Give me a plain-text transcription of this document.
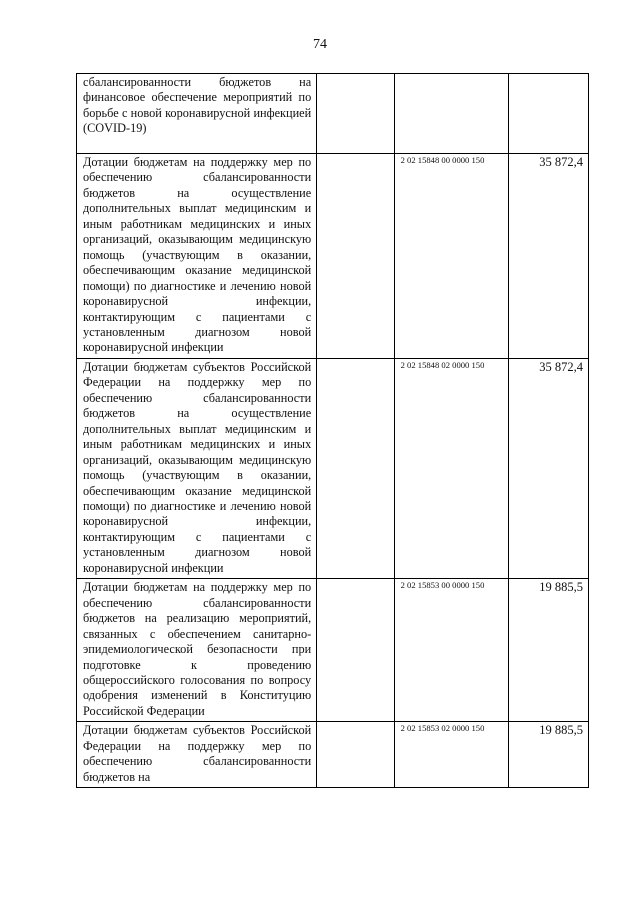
74
сбалансированности бюджетов на финансовое обеспечение мероприятий по борьбе с новой коронавирусной инфекцией (COVID-19)			
Дотации бюджетам на поддержку мер по обеспечению сбалансированности бюджетов на осуществление дополнительных выплат медицинским и иным работникам медицинских и иных организаций, оказывающим медицинскую помощь (участвующим в оказании, обеспечивающим оказание медицинской помощи) по диагностике и лечению новой коронавирусной инфекции, контактирующим с пациентами с установленным диагнозом новой коронавирусной инфекции		2 02 15848 00 0000 150	35 872,4
Дотации бюджетам субъектов Российской Федерации на поддержку мер по обеспечению сбалансированности бюджетов на осуществление дополнительных выплат медицинским и иным работникам медицинских и иных организаций, оказывающим медицинскую помощь (участвующим в оказании, обеспечивающим оказание медицинской помощи) по диагностике и лечению новой коронавирусной инфекции, контактирующим с пациентами с установленным диагнозом новой коронавирусной инфекции		2 02 15848 02 0000 150	35 872,4
Дотации бюджетам на поддержку мер по обеспечению сбалансированности бюджетов на реализацию мероприятий, связанных с обеспечением санитарно-эпидемиологической безопасности при подготовке к проведению общероссийского голосования по вопросу одобрения изменений в Конституцию Российской Федерации		2 02 15853 00 0000 150	19 885,5
Дотации бюджетам субъектов Российской Федерации на поддержку мер по обеспечению сбалансированности бюджетов на		2 02 15853 02 0000 150	19 885,5
